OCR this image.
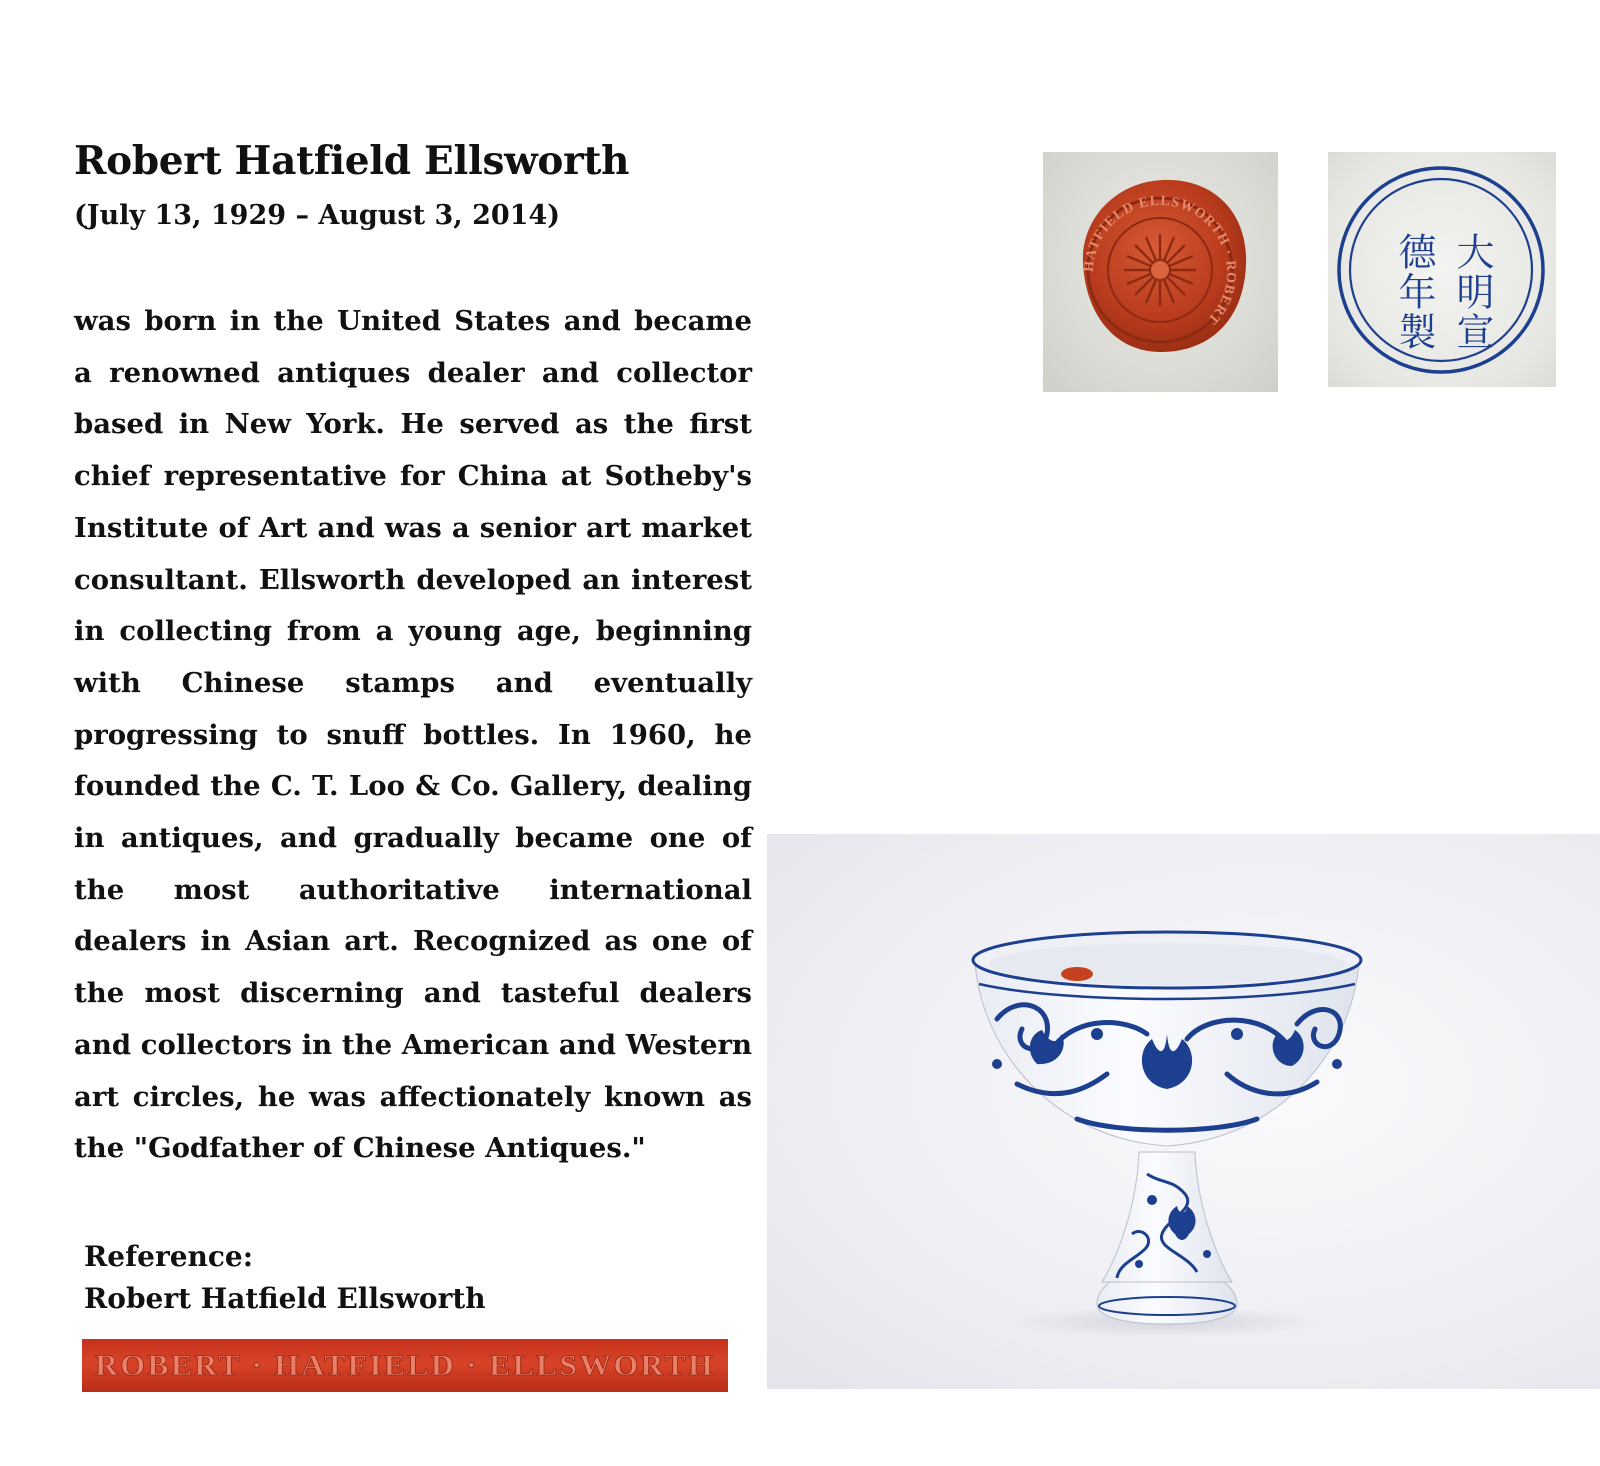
Robert Hatfield Ellsworth
(July 13, 1929 – August 3, 2014)

was born in the United States and became a renowned antiques dealer and collector based in New York. He served as the first chief representative for China at Sotheby's Institute of Art and was a senior art market consultant. Ellsworth developed an interest in collecting from a young age, beginning with Chinese stamps and eventually progressing to snuff bottles. In 1960, he founded the C. T. Loo & Co. Gallery, dealing in antiques, and gradually became one of the most authoritative international dealers in Asian art. Recognized as one of the most discerning and tasteful dealers and collectors in the American and Western art circles, he was affectionately known as the "Godfather of Chinese Antiques."

Reference:
Robert Hatfield Ellsworth
ROBERT · HATFIELD · ELLSWORTH
HATFIELD ELLSWORTH · ROBERT	大明宣
德年製
